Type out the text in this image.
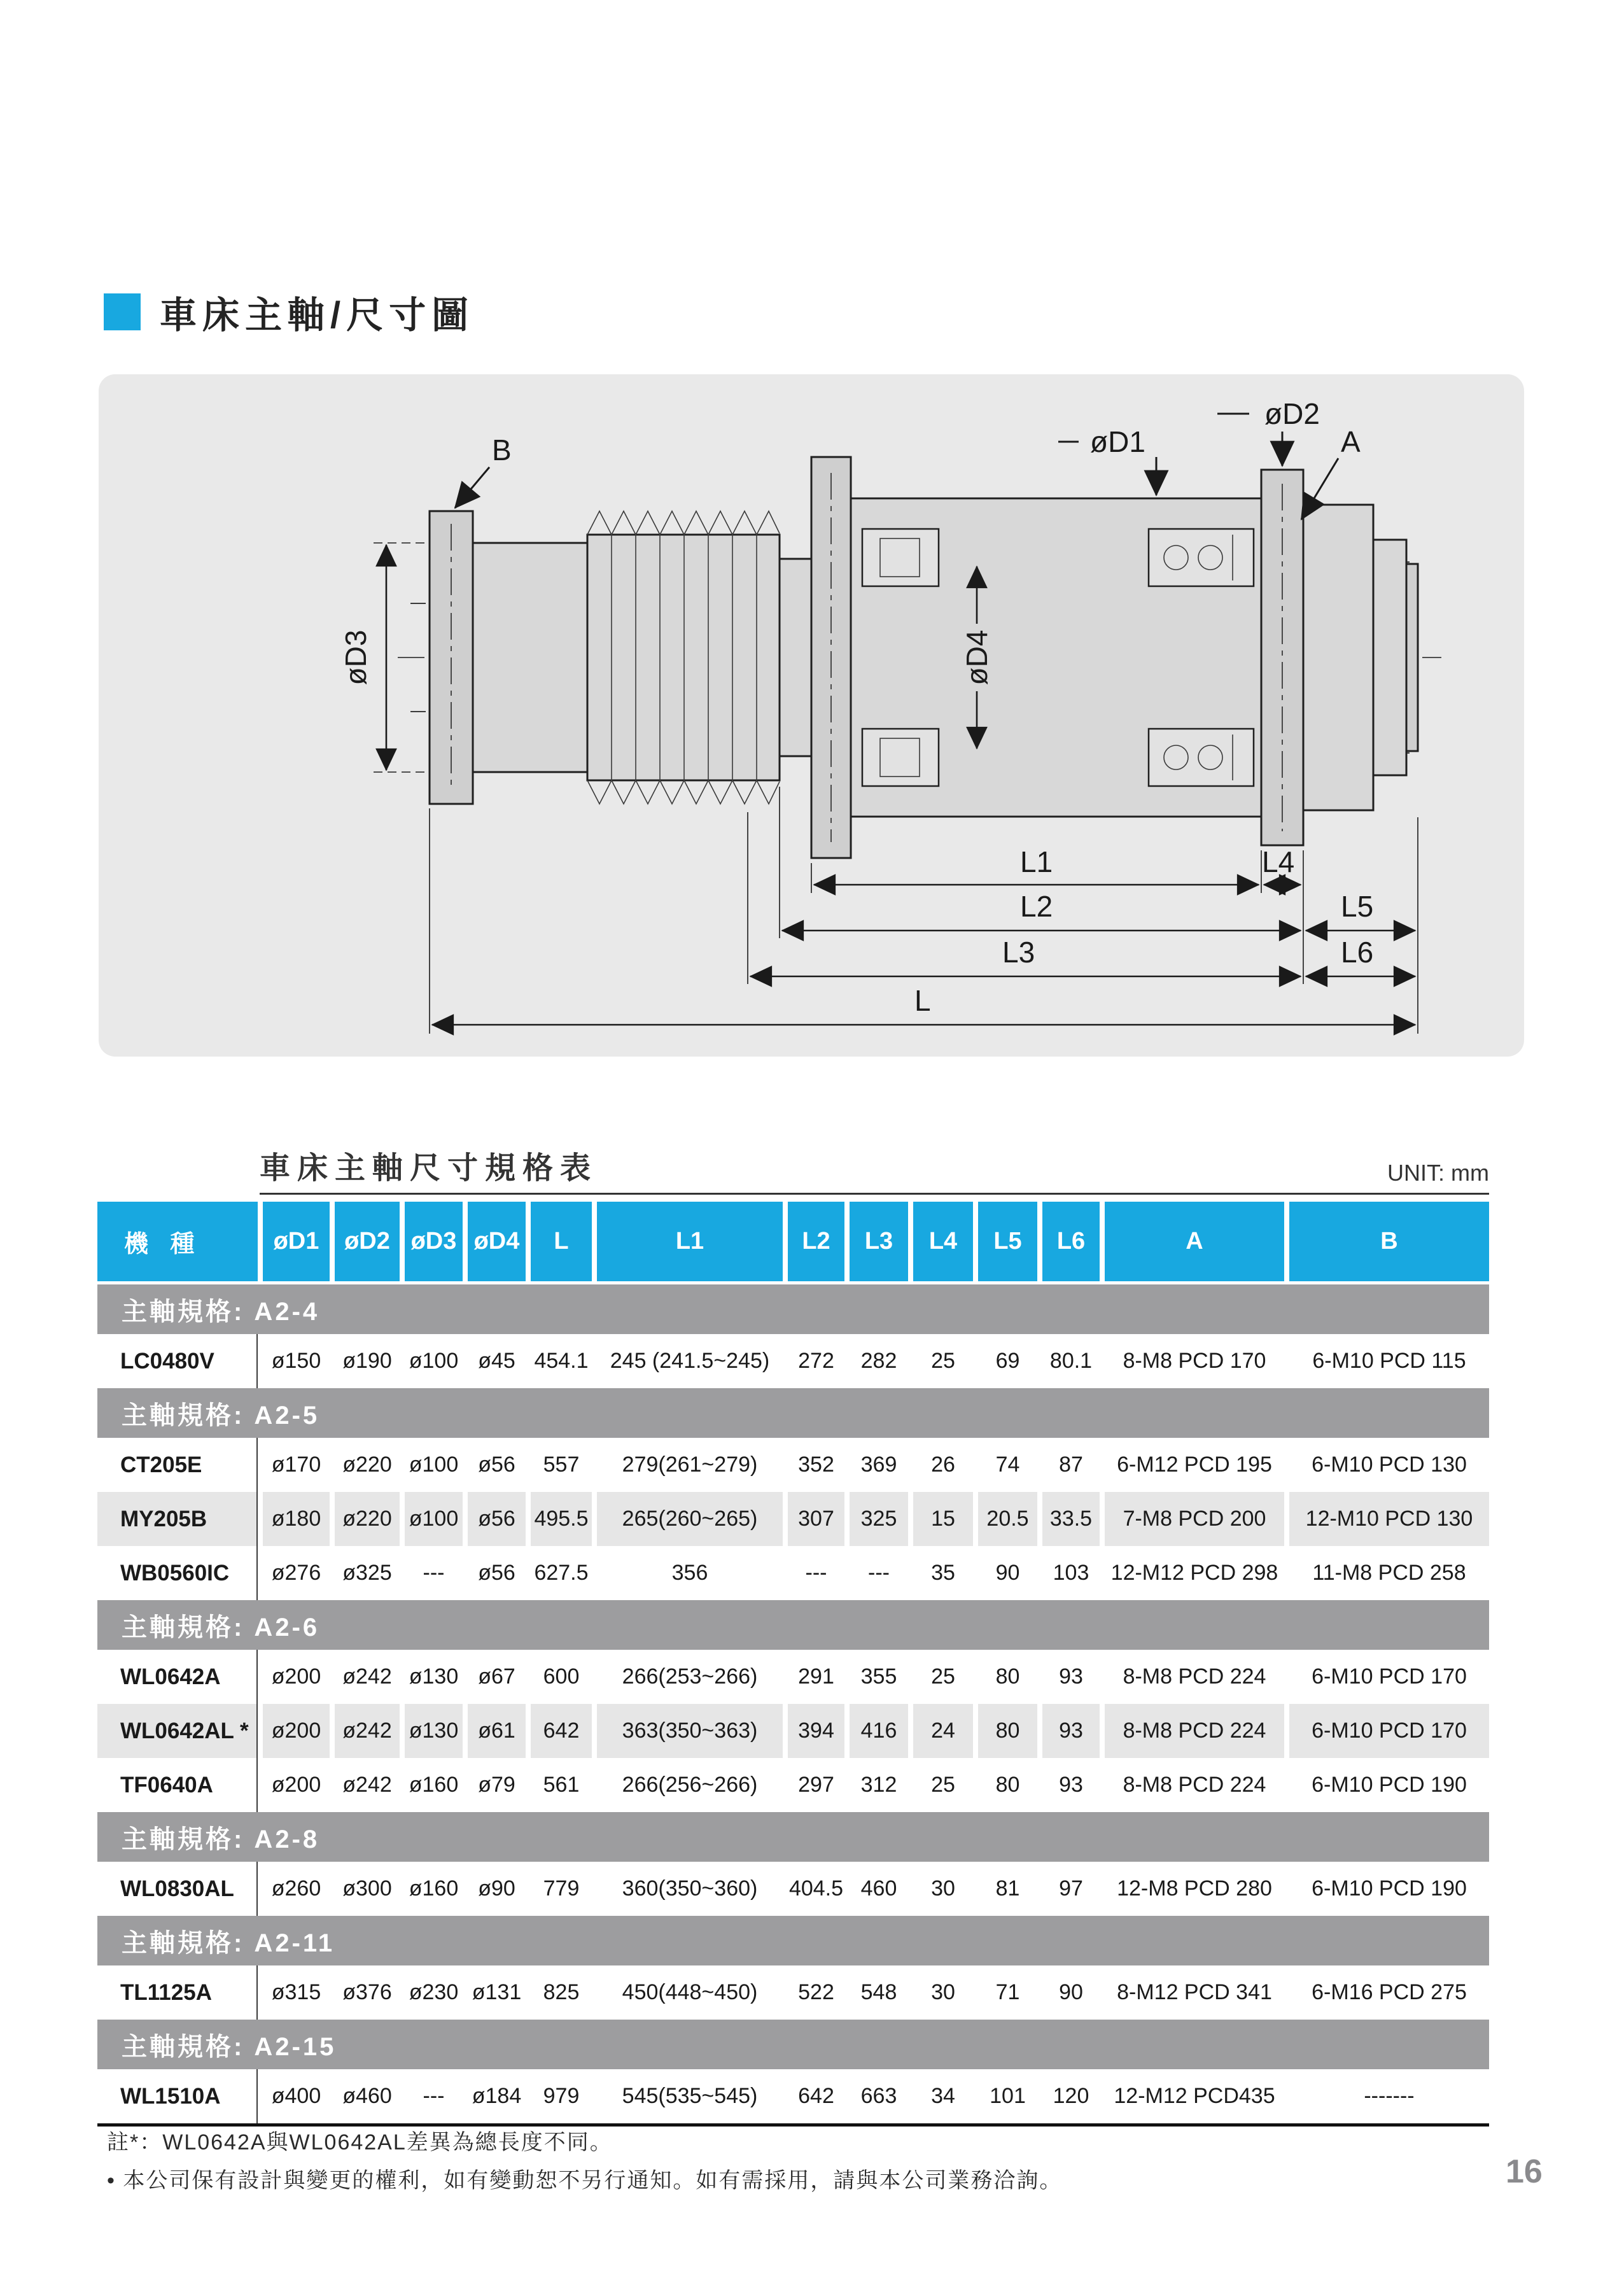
車床主軸/尺寸圖
B
øD2
øD1	A
øD3	øD4
L1	L4
L2	L5
L3	L6
L
車床主軸尺寸規格表	UNIT: mm
機 種	øD1	øD2	øD3	øD4	L	L1	L2	L3	L4	L5	L6	A	B
主軸規格: A2-4													
LC0480V	ø150	ø190	ø100	ø45	454.1	245 (241.5~245)	272	282	25	69	80.1	8-M8 PCD 170	6-M10 PCD 115
主軸規格: A2-5													
CT205E	ø170	ø220	ø100	ø56	557	279(261~279)	352	369	26	74	87	6-M12 PCD 195	6-M10 PCD 130
MY205B	ø180	ø220	ø100	ø56	495.5	265(260~265)	307	325	15	20.5	33.5	7-M8 PCD 200	12-M10 PCD 130
WB0560IC	ø276	ø325	---	ø56	627.5	356	---	---	35	90	103	12-M12 PCD 298	11-M8 PCD 258
主軸規格: A2-6													
WL0642A	ø200	ø242	ø130	ø67	600	266(253~266)	291	355	25	80	93	8-M8 PCD 224	6-M10 PCD 170
WL0642AL *	ø200	ø242	ø130	ø61	642	363(350~363)	394	416	24	80	93	8-M8 PCD 224	6-M10 PCD 170
TF0640A	ø200	ø242	ø160	ø79	561	266(256~266)	297	312	25	80	93	8-M8 PCD 224	6-M10 PCD 190
主軸規格: A2-8													
WL0830AL	ø260	ø300	ø160	ø90	779	360(350~360)	404.5	460	30	81	97	12-M8 PCD 280	6-M10 PCD 190
主軸規格: A2-11													
TL1125A	ø315	ø376	ø230	ø131	825	450(448~450)	522	548	30	71	90	8-M12 PCD 341	6-M16 PCD 275
主軸規格: A2-15													
WL1510A	ø400	ø460	---	ø184	979	545(535~545)	642	663	34	101	120	12-M12 PCD435	-------
註*：WL0642A與WL0642AL差異為總長度不同。
• 本公司保有設計與變更的權利，如有變動恕不另行通知。如有需採用，請與本公司業務洽詢。	16
